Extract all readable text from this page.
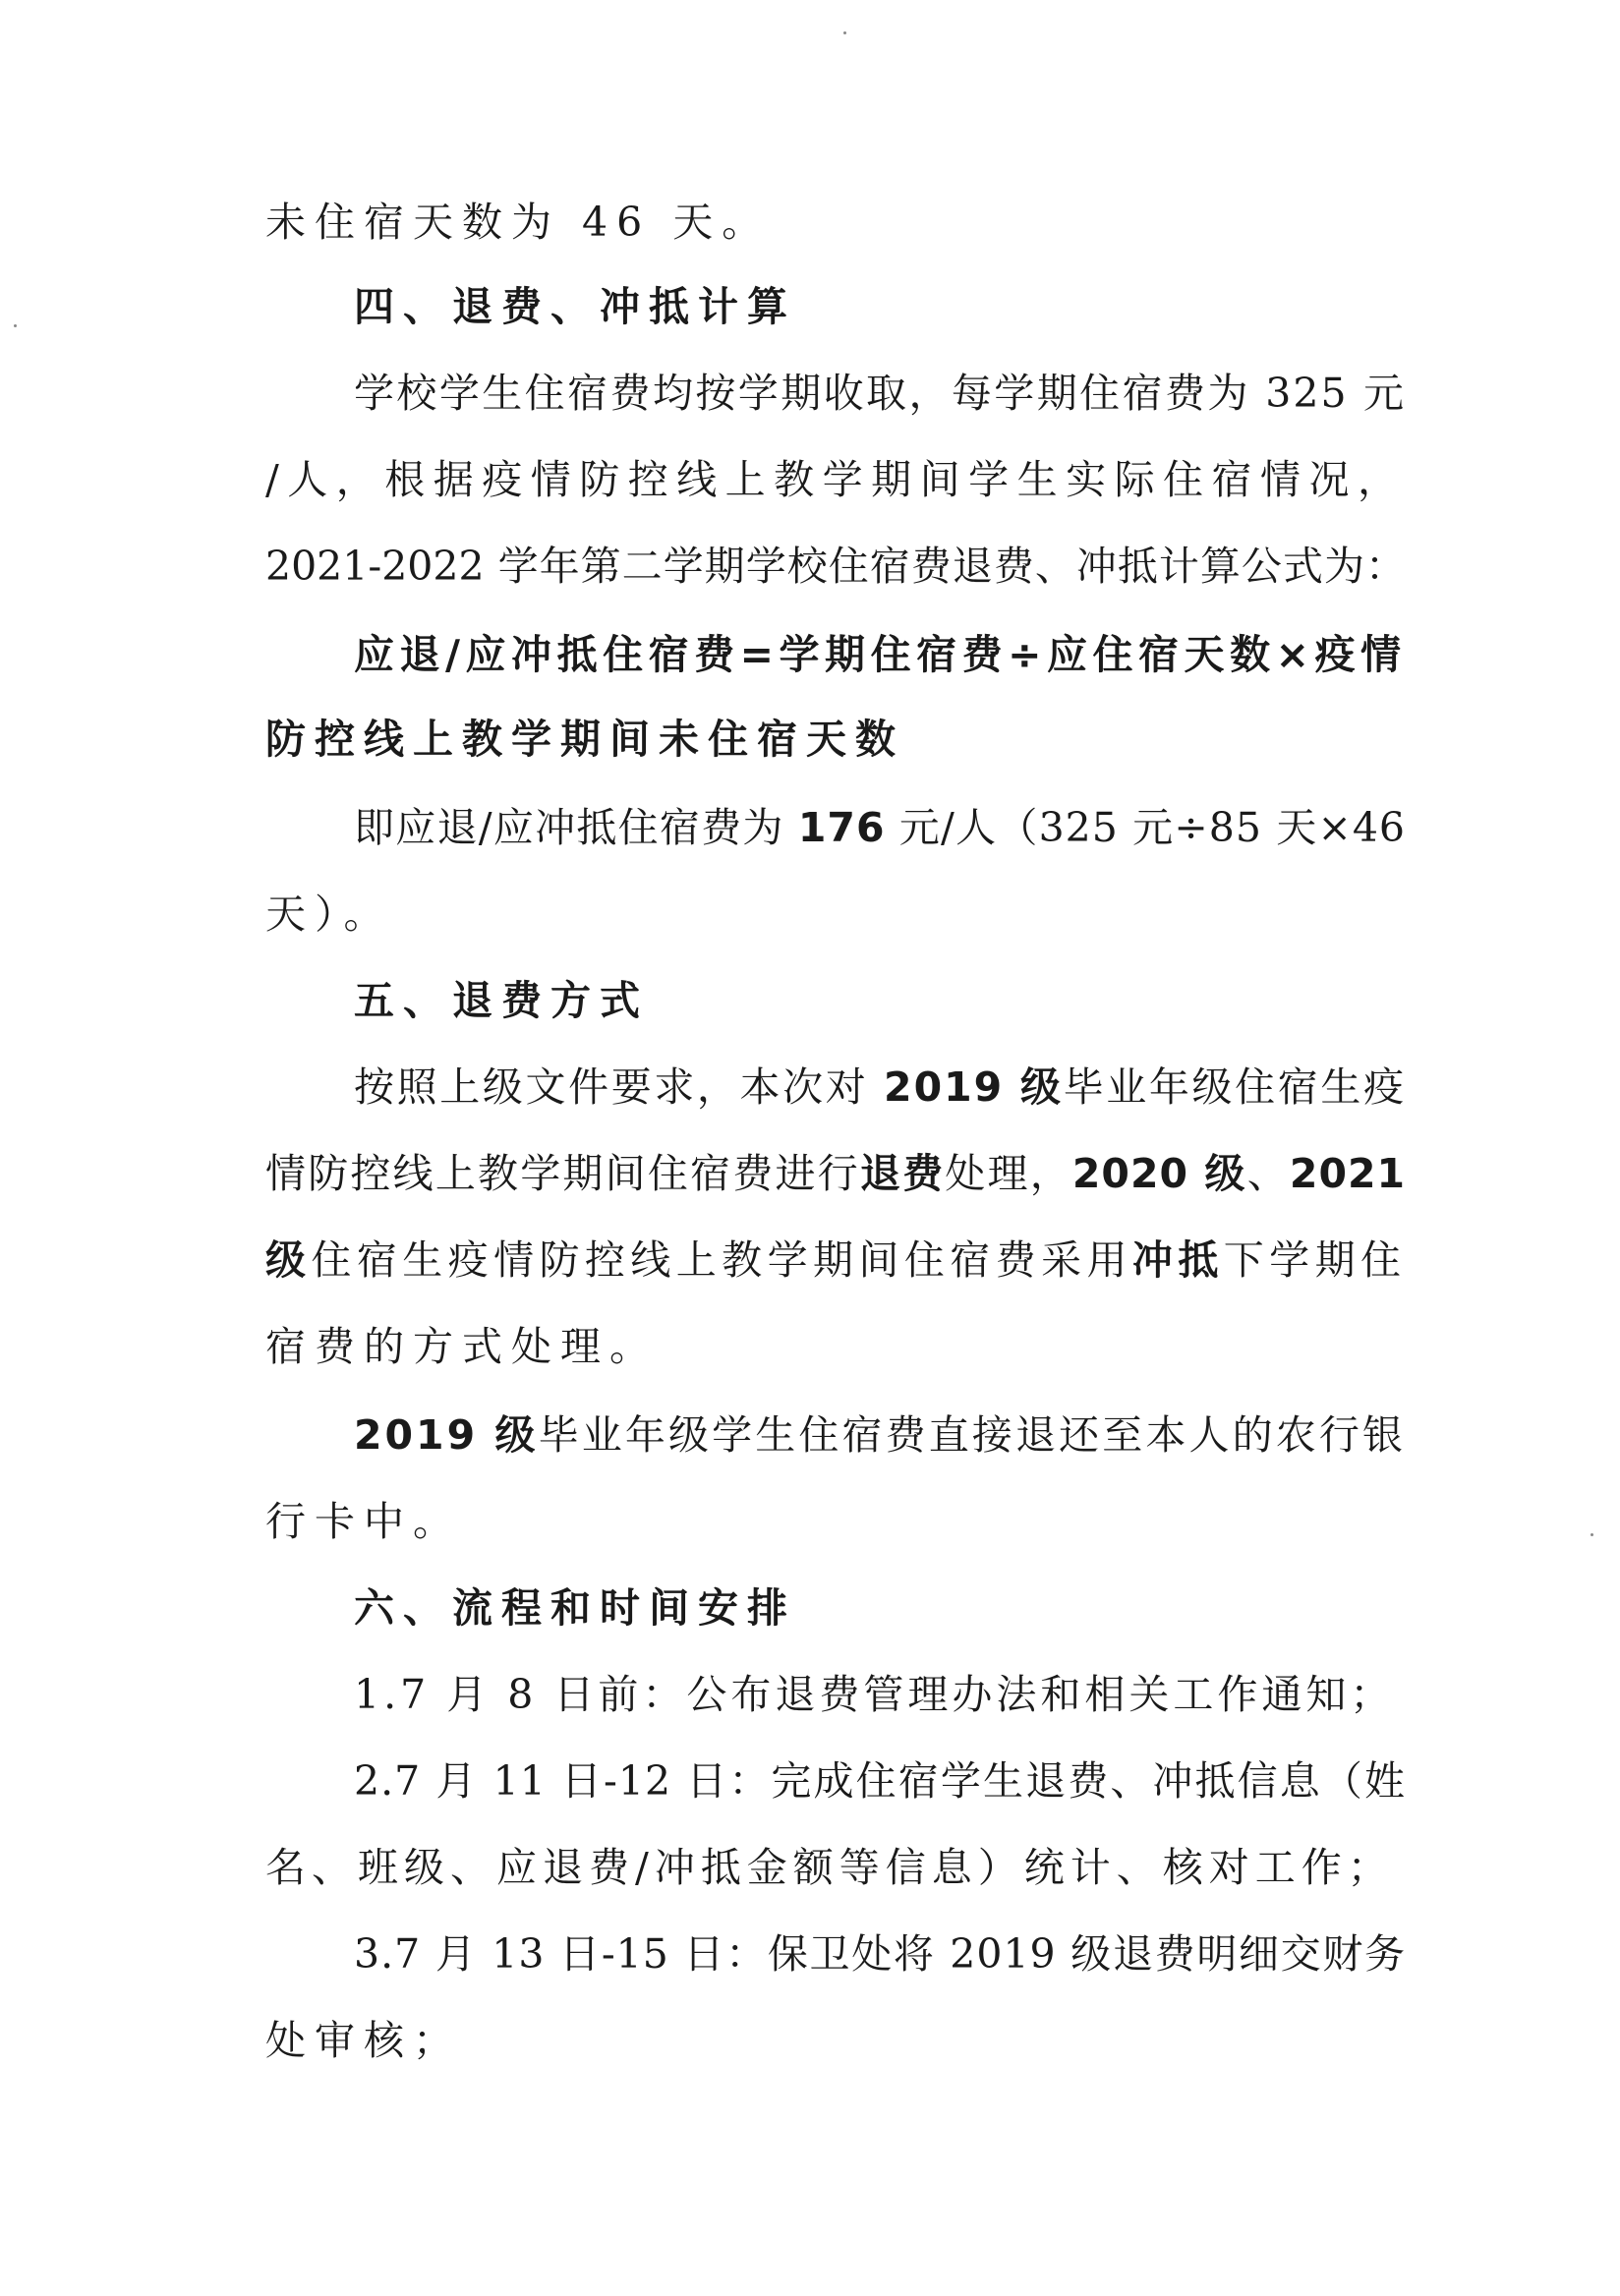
未住宿天数为 46 天。
四、退费、冲抵计算
学校学生住宿费均按学期收取，每学期住宿费为 325 元
/人，根据疫情防控线上教学期间学生实际住宿情况，
2021-2022 学年第二学期学校住宿费退费、冲抵计算公式为：
应退/应冲抵住宿费=学期住宿费÷应住宿天数×疫情
防控线上教学期间未住宿天数
即应退/应冲抵住宿费为 176 元/人（325 元÷85 天×46
天）。
五、退费方式
按照上级文件要求，本次对 2019 级毕业年级住宿生疫
情防控线上教学期间住宿费进行退费处理，2020 级、2021
级住宿生疫情防控线上教学期间住宿费采用冲抵下学期住
宿费的方式处理。
2019 级毕业年级学生住宿费直接退还至本人的农行银
行卡中。
六、流程和时间安排
1.7 月 8 日前：公布退费管理办法和相关工作通知；
2.7 月 11 日-12 日：完成住宿学生退费、冲抵信息（姓
名、班级、应退费/冲抵金额等信息）统计、核对工作；
3.7 月 13 日-15 日：保卫处将 2019 级退费明细交财务
处审核；
